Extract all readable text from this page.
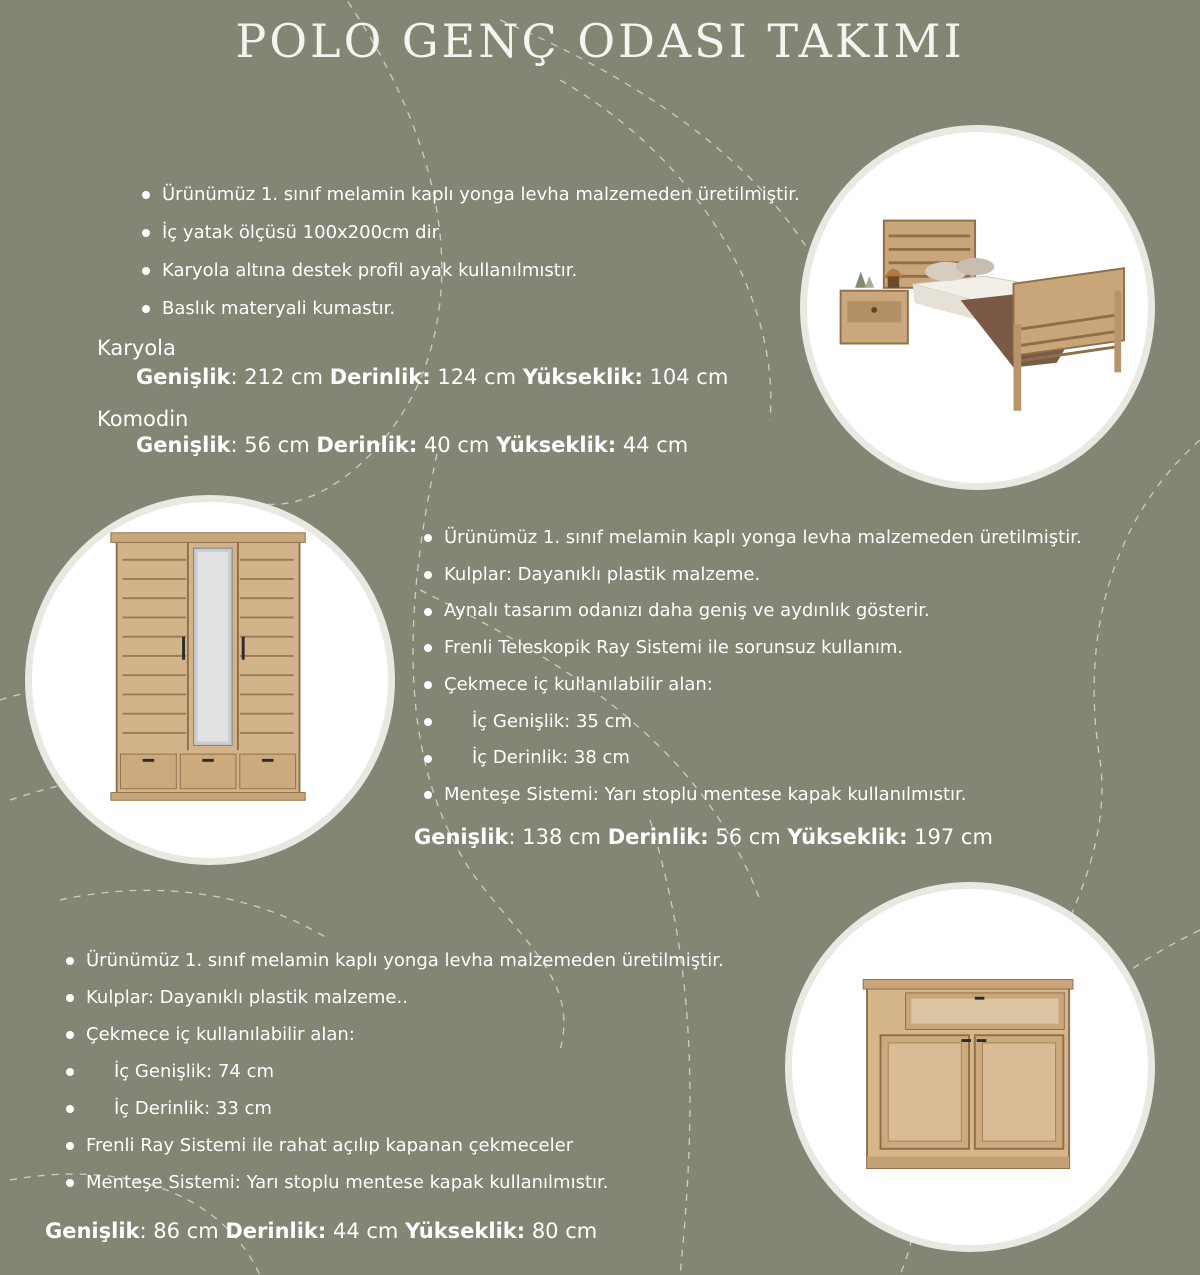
POLO GENÇ ODASI TAKIMI
Ürünümüz 1. sınıf melamin kaplı yonga levha malzemeden üretilmiştir.
İç yatak ölçüsü 100x200cm dir
Karyola altına destek profil ayak kullanılmıstır.
Baslık materyali kumastır.
Karyola
Genişlik: 212 cm Derinlik: 124 cm Yükseklik: 104 cm
Komodin
Genişlik: 56 cm Derinlik: 40 cm Yükseklik: 44 cm
Ürünümüz 1. sınıf melamin kaplı yonga levha malzemeden üretilmiştir.
Kulplar: Dayanıklı plastik malzeme.
Aynalı tasarım odanızı daha geniş ve aydınlık gösterir.
Frenli Teleskopik Ray Sistemi ile sorunsuz kullanım.
Çekmece iç kullanılabilir alan:
İç Genişlik: 35 cm
İç Derinlik: 38 cm
Menteşe Sistemi: Yarı stoplu mentese kapak kullanılmıstır.
Genişlik: 138 cm Derinlik: 56 cm Yükseklik: 197 cm
Ürünümüz 1. sınıf melamin kaplı yonga levha malzemeden üretilmiştir.
Kulplar: Dayanıklı plastik malzeme..
Çekmece iç kullanılabilir alan:
İç Genişlik: 74 cm
İç Derinlik: 33 cm
Frenli Ray Sistemi ile rahat açılıp kapanan çekmeceler
Menteşe Sistemi: Yarı stoplu mentese kapak kullanılmıstır.
Genişlik: 86 cm Derinlik: 44 cm Yükseklik: 80 cm
